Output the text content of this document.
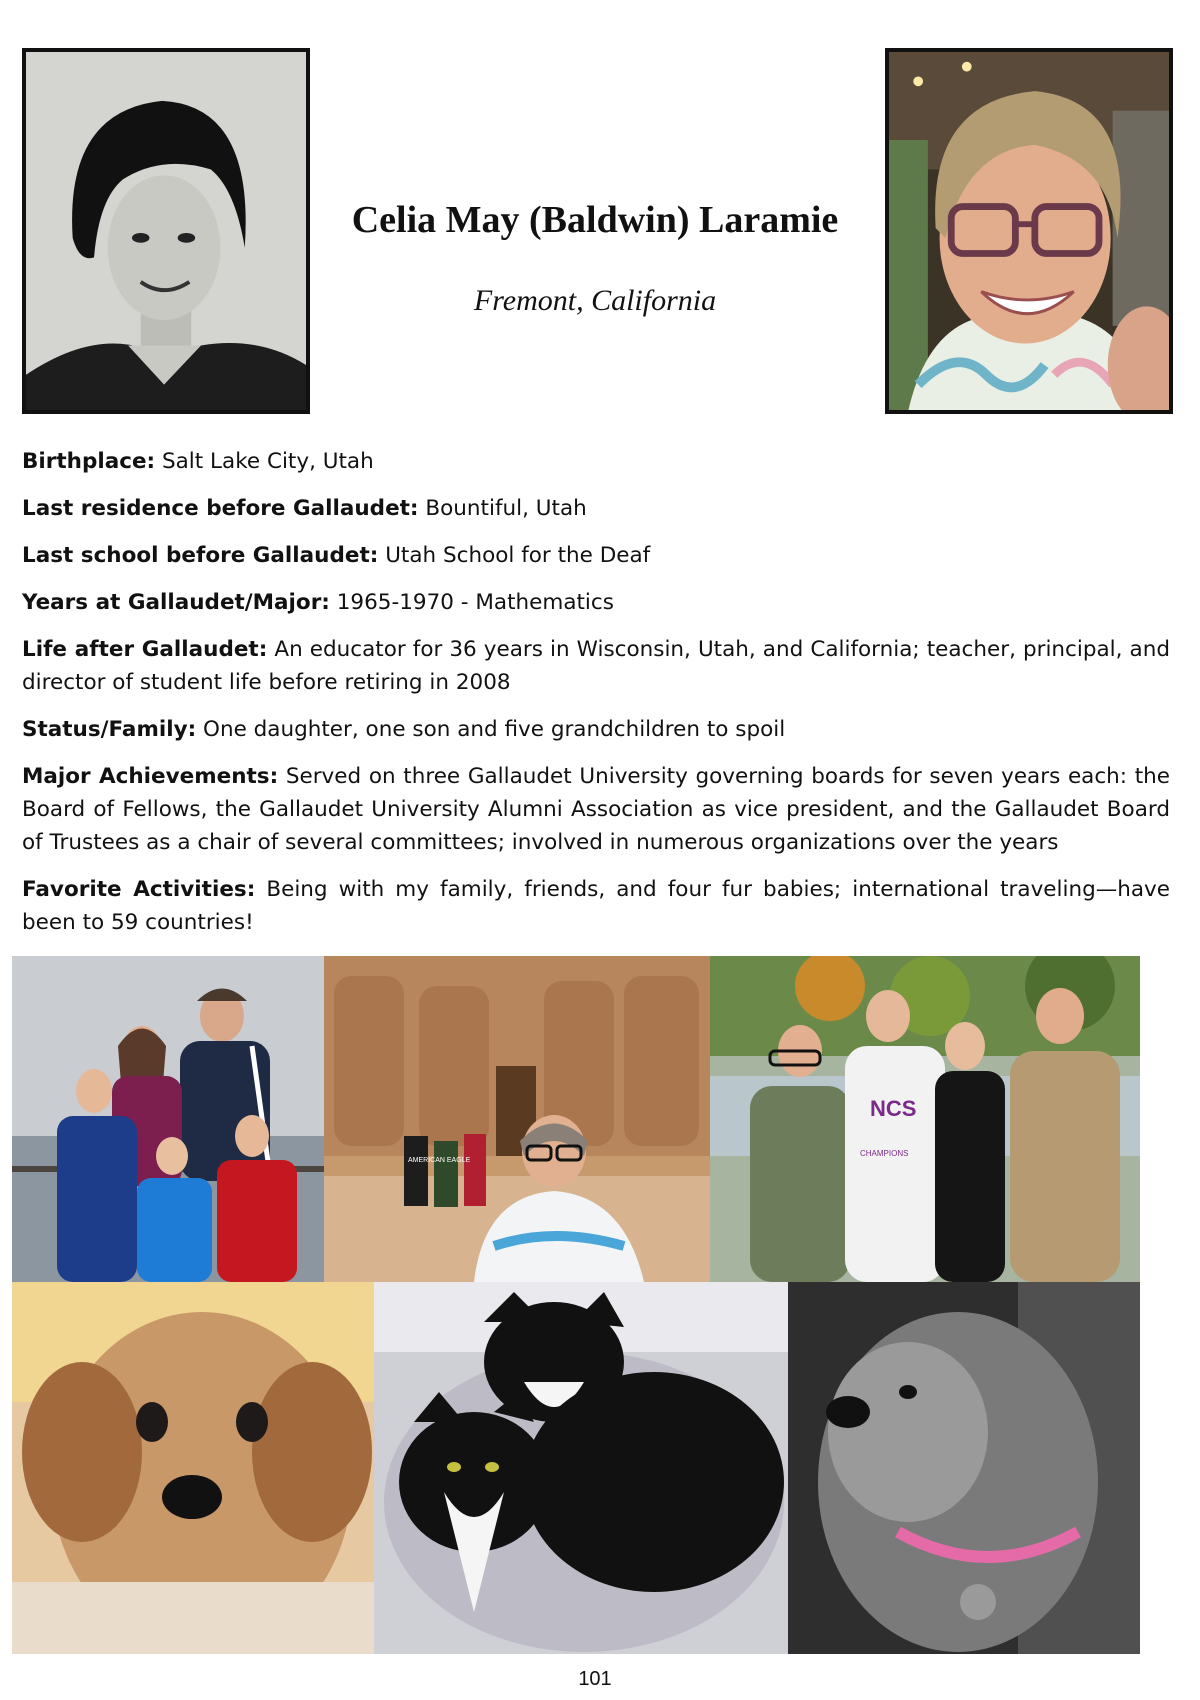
Celia May (Baldwin) Laramie
Fremont, California

Birthplace: Salt Lake City, Utah

Last residence before Gallaudet: Bountiful, Utah

Last school before Gallaudet: Utah School for the Deaf

Years at Gallaudet/Major: 1965-1970 - Mathematics

Life after Gallaudet: An educator for 36 years in Wisconsin, Utah, and California; teacher, principal, and director of student life before retiring in 2008

Status/Family: One daughter, one son and five grandchildren to spoil

Major Achievements: Served on three Gallaudet University governing boards for seven years each: the Board of Fellows, the Gallaudet University Alumni Association as vice president, and the Gallaudet Board of Trustees as a chair of several committees; involved in numerous organizations over the years

Favorite Activities: Being with my family, friends, and four fur babies; international traveling—have been to 59 countries!

AMERICAN EAGLE
NCS
CHAMPIONS
101
